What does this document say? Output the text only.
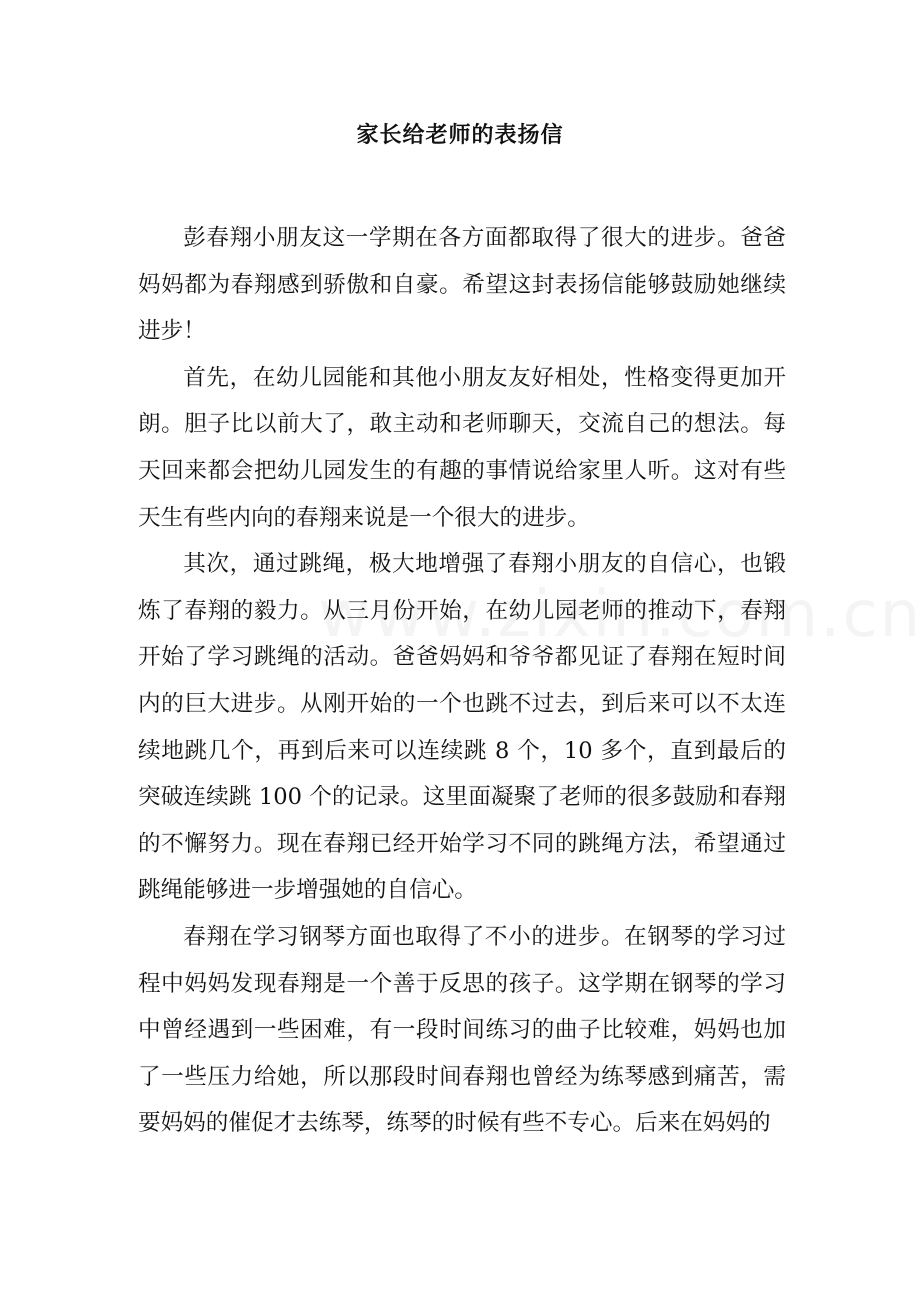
家长给老师的表扬信

彭春翔小朋友这一学期在各方面都取得了很大的进步。爸爸妈妈都为春翔感到骄傲和自豪。希望这封表扬信能够鼓励她继续进步！

首先，在幼儿园能和其他小朋友友好相处，性格变得更加开朗。胆子比以前大了，敢主动和老师聊天，交流自己的想法。每天回来都会把幼儿园发生的有趣的事情说给家里人听。这对有些天生有些内向的春翔来说是一个很大的进步。

其次，通过跳绳，极大地增强了春翔小朋友的自信心，也锻炼了春翔的毅力。从三月份开始，在幼儿园老师的推动下，春翔开始了学习跳绳的活动。爸爸妈妈和爷爷都见证了春翔在短时间内的巨大进步。从刚开始的一个也跳不过去，到后来可以不太连续地跳几个，再到后来可以连续跳 8 个，10 多个，直到最后的突破连续跳 100 个的记录。这里面凝聚了老师的很多鼓励和春翔的不懈努力。现在春翔已经开始学习不同的跳绳方法，希望通过跳绳能够进一步增强她的自信心。

春翔在学习钢琴方面也取得了不小的进步。在钢琴的学习过程中妈妈发现春翔是一个善于反思的孩子。这学期在钢琴的学习中曾经遇到一些困难，有一段时间练习的曲子比较难，妈妈也加了一些压力给她，所以那段时间春翔也曾经为练琴感到痛苦，需要妈妈的催促才去练琴，练琴的时候有些不专心。后来在妈妈的
